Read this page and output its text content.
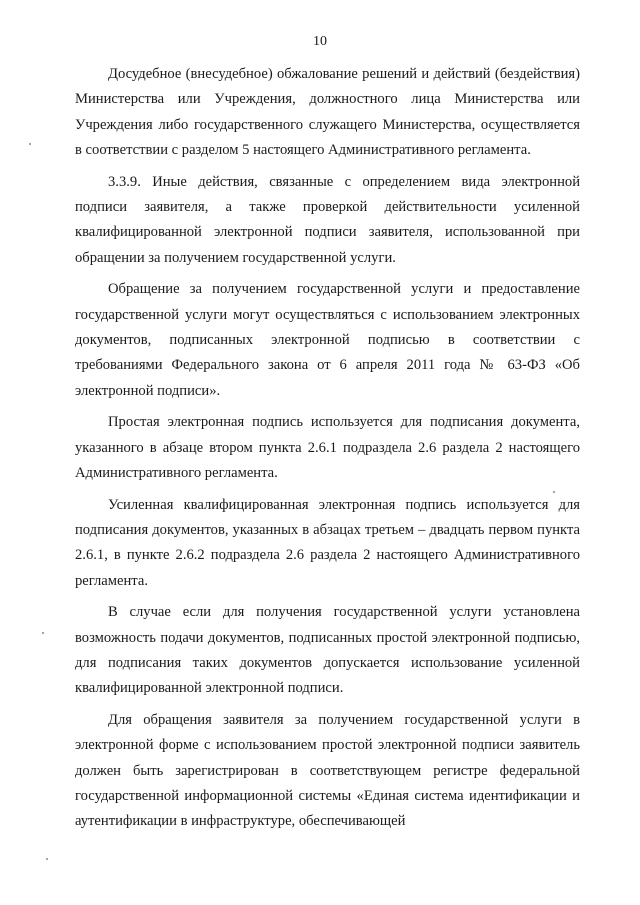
10

Досудебное (внесудебное) обжалование решений и действий (бездействия) Министерства или Учреждения, должностного лица Министерства или Учреждения либо государственного служащего Министерства, осуществляется в соответствии с разделом 5 настоящего Административного регламента.

3.3.9. Иные действия, связанные с определением вида электронной подписи заявителя, а также проверкой действительности усиленной квалифицированной электронной подписи заявителя, использованной при обращении за получением государственной услуги.

Обращение за получением государственной услуги и предоставление государственной услуги могут осуществляться с использованием электронных документов, подписанных электронной подписью в соответствии с требованиями Федерального закона от 6 апреля 2011 года № 63-ФЗ «Об электронной подписи».

Простая электронная подпись используется для подписания документа, указанного в абзаце втором пункта 2.6.1 подраздела 2.6 раздела 2 настоящего Административного регламента.

Усиленная квалифицированная электронная подпись используется для подписания документов, указанных в абзацах третьем – двадцать первом пункта 2.6.1, в пункте 2.6.2 подраздела 2.6 раздела 2 настоящего Административного регламента.

В случае если для получения государственной услуги установлена возможность подачи документов, подписанных простой электронной подписью, для подписания таких документов допускается использование усиленной квалифицированной электронной подписи.

Для обращения заявителя за получением государственной услуги в электронной форме с использованием простой электронной подписи заявитель должен быть зарегистрирован в соответствующем регистре федеральной государственной информационной системы «Единая система идентификации и аутентификации в инфраструктуре, обеспечивающей
